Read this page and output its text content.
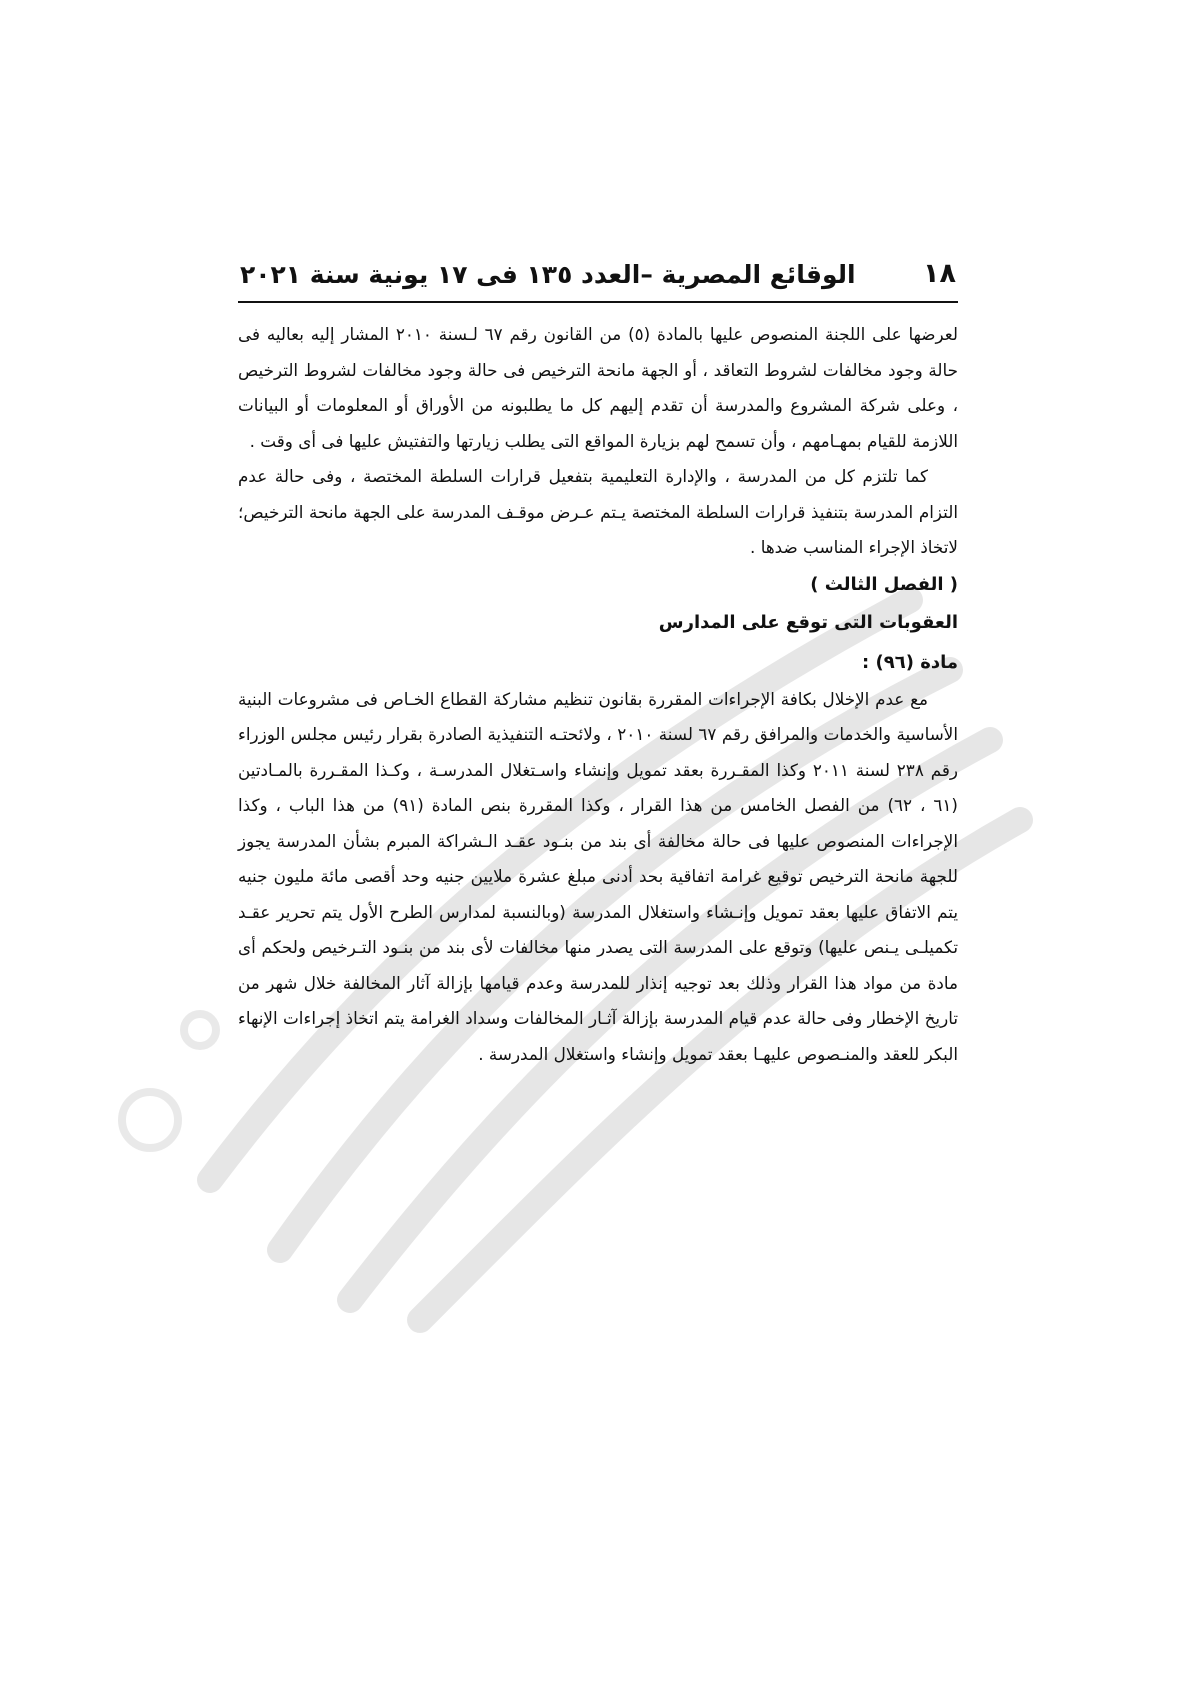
١٨
الوقائع المصرية –العدد ١٣٥ فى ١٧ يونية سنة ٢٠٢١

لعرضها على اللجنة المنصوص عليها بالمادة (٥) من القانون رقم ٦٧ لـسنة ٢٠١٠ المشار إليه بعاليه فى حالة وجود مخالفات لشروط التعاقد ، أو الجهة مانحة الترخيص فى حالة وجود مخالفات لشروط الترخيص ، وعلى شركة المشروع والمدرسة أن تقدم إليهم كل ما يطلبونه من الأوراق أو المعلومات أو البيانات اللازمة للقيام بمهـامهم ، وأن تسمح لهم بزيارة المواقع التى يطلب زيارتها والتفتيش عليها فى أى وقت .

كما تلتزم كل من المدرسة ، والإدارة التعليمية بتفعيل قرارات السلطة المختصة ، وفى حالة عدم التزام المدرسة بتنفيذ قرارات السلطة المختصة يـتم عـرض موقـف المدرسة على الجهة مانحة الترخيص؛ لاتخاذ الإجراء المناسب ضدها .

( الفصل الثالث )

العقوبات التى توقع على المدارس

مادة (٩٦) :

مع عدم الإخلال بكافة الإجراءات المقررة بقانون تنظيم مشاركة القطاع الخـاص فى مشروعات البنية الأساسية والخدمات والمرافق رقم ٦٧ لسنة ٢٠١٠ ، ولائحتـه التنفيذية الصادرة بقرار رئيس مجلس الوزراء رقم ٢٣٨ لسنة ٢٠١١ وكذا المقـررة بعقد تمويل وإنشاء واسـتغلال المدرسـة ، وكـذا المقـررة بالمـادتين (٦١ ، ٦٢) من الفصل الخامس من هذا القرار ، وكذا المقررة بنص المادة (٩١) من هذا الباب ، وكذا الإجراءات المنصوص عليها فى حالة مخالفة أى بند من بنـود عقـد الـشراكة المبرم بشأن المدرسة يجوز للجهة مانحة الترخيص توقيع غرامة اتفاقية بحد أدنى مبلغ عشرة ملايين جنيه وحد أقصى مائة مليون جنيه يتم الاتفاق عليها بعقد تمويل وإنـشاء واستغلال المدرسة (وبالنسبة لمدارس الطرح الأول يتم تحرير عقـد تكميلـى يـنص عليها) وتوقع على المدرسة التى يصدر منها مخالفات لأى بند من بنـود التـرخيص ولحكم أى مادة من مواد هذا القرار وذلك بعد توجيه إنذار للمدرسة وعدم قيامها بإزالة آثار المخالفة خلال شهر من تاريخ الإخطار وفى حالة عدم قيام المدرسة بإزالة آثـار المخالفات وسداد الغرامة يتم اتخاذ إجراءات الإنهاء البكر للعقد والمنـصوص عليهـا بعقد تمويل وإنشاء واستغلال المدرسة .
